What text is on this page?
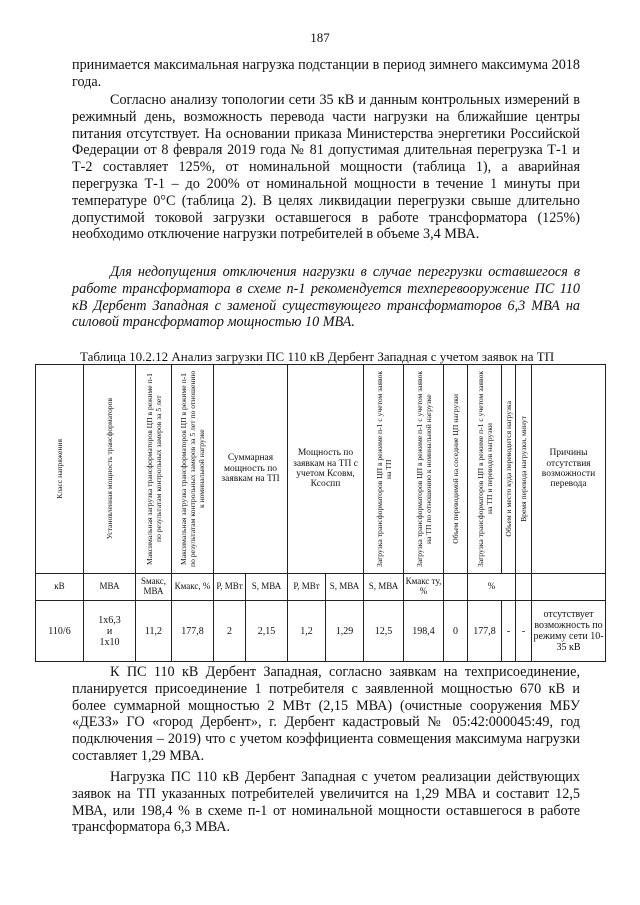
187

принимается максимальная нагрузка подстанции в период зимнего максимума 2018 года.

Согласно анализу топологии сети 35 кВ и данным контрольных измерений в режимный день, возможность перевода части нагрузки на ближайшие центры питания отсутствует. На основании приказа Министерства энергетики Российской Федерации от 8 февраля 2019 года № 81 допустимая длительная перегрузка Т-1 и Т-2 составляет 125%, от номинальной мощности (таблица 1), а аварийная перегрузка Т-1 – до 200% от номинальной мощности в течение 1 минуты при температуре 0°С (таблица 2). В целях ликвидации перегрузки свыше длительно допустимой токовой загрузки оставшегося в работе трансформатора (125%) необходимо отключение нагрузки потребителей в объеме 3,4 МВА.

Для недопущения отключения нагрузки в случае перегрузки оставшегося в работе трансформатора в схеме п-1 рекомендуется техперевооружение ПС 110 кВ Дербент Западная с заменой существующего трансформаторов 6,3 МВА на силовой трансформатор мощностью 10 МВА.

Таблица 10.2.12 Анализ загрузки ПС 110 кВ Дербент Западная с учетом заявок на ТП
Класс напряжения	Установленная мощность трансформаторов	Максимальная загрузка трансформаторов ЦП в режиме п-1 по результатам контрольных замеров за 5 лет	Максимальная загрузка трансформаторов ЦП в режиме п-1 по результатам контрольных замеров за 5 лет по отношению к номинальной нагрузке	Суммарная мощность по заявкам на ТП		Мощность по заявкам на ТП с учетом Ксовм, Ксоспп		Загрузка трансформаторов ЦП в режиме п-1 с учетом заявок на ТП	Загрузка трансформаторов ЦП в режиме п-1 с учетом заявок на ТП по отношению к номинальной нагрузке	Объем переводимой на соседние ЦП нагрузки	Загрузка трансформаторов ЦП в режиме п-1 с учетом заявок на ТП и переводов нагрузки	Объем и место куда переводится нагрузка	Время перевода нагрузки, минут	Причины отсутствия возможности перевода
кВ	МВА	Sмакс, МВА	Кмакс, %	Р, МВт	S, МВА	Р, МВт	S, МВА	S, МВА	Кмакс ту, %		%			
110/6	1х6,3
и
1х10	11,2	177,8	2	2,15	1,2	1,29	12,5	198,4	0	177,8	-	-	отсутствует возможность по режиму сети 10-35 кВ

К ПС 110 кВ Дербент Западная, согласно заявкам на техприсоединение, планируется присоединение 1 потребителя с заявленной мощностью 670 кВ и более суммарной мощностью 2 МВт (2,15 МВА) (очистные сооружения МБУ «ДЕЗЗ» ГО «город Дербент», г. Дербент кадастровый № 05:42:000045:49, год подключения – 2019) что с учетом коэффициента совмещения максимума нагрузки составляет 1,29 МВА.

Нагрузка ПС 110 кВ Дербент Западная с учетом реализации действующих заявок на ТП указанных потребителей увеличится на 1,29 МВА и составит 12,5 МВА, или 198,4 % в схеме п-1 от номинальной мощности оставшегося в работе трансформатора 6,3 МВА.
